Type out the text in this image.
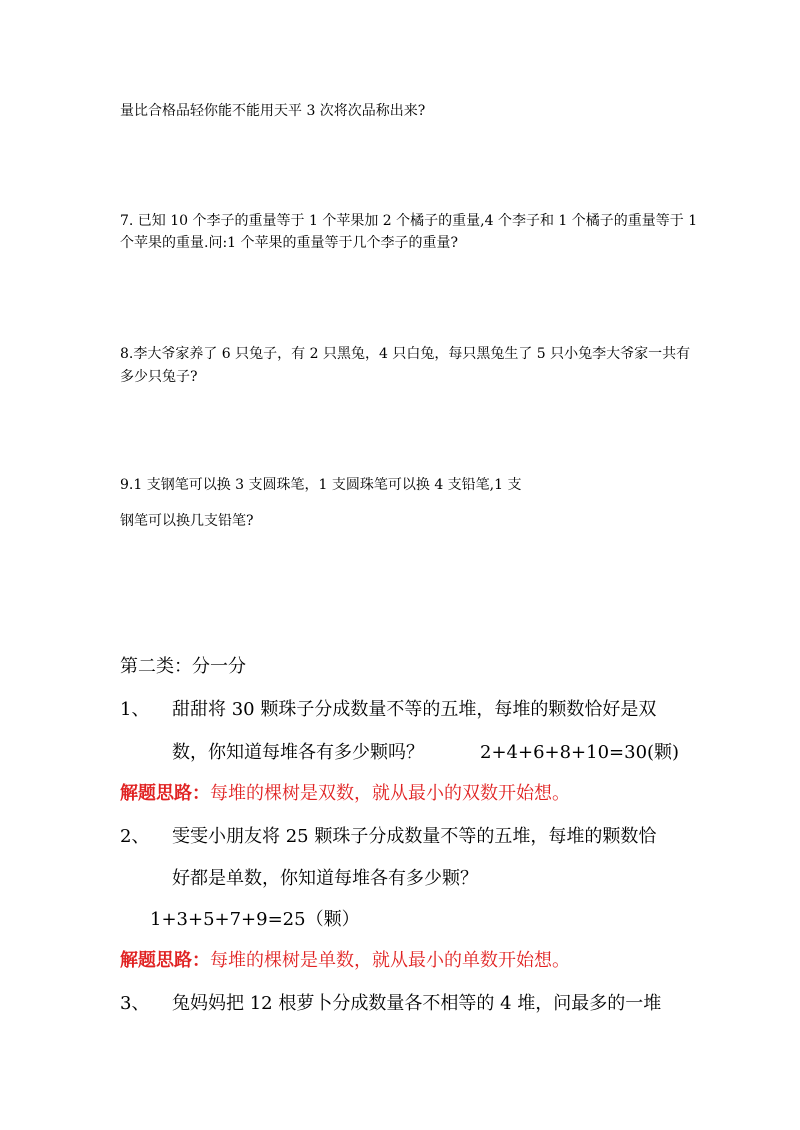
量比合格品轻你能不能用天平 3 次将次品称出来?
7. 已知 10 个李子的重量等于 1 个苹果加 2 个橘子的重量,4 个李子和 1 个橘子的重量等于 1
个苹果的重量.问:1 个苹果的重量等于几个李子的重量?
8.李大爷家养了 6 只兔子，有 2 只黑兔，4 只白兔，每只黑兔生了 5 只小兔李大爷家一共有
多少只兔子?
9.1 支钢笔可以换 3 支圆珠笔，1 支圆珠笔可以换 4 支铅笔,1 支
钢笔可以换几支铅笔?
第二类：分一分
1、 甜甜将 30 颗珠子分成数量不等的五堆，每堆的颗数恰好是双
数，你知道每堆各有多少颗吗？	2+4+6+8+10=30(颗)
解题思路：每堆的棵树是双数，就从最小的双数开始想。
2、 雯雯小朋友将 25 颗珠子分成数量不等的五堆，每堆的颗数恰
好都是单数，你知道每堆各有多少颗？
1+3+5+7+9=25（颗）
解题思路：每堆的棵树是单数，就从最小的单数开始想。
3、 兔妈妈把 12 根萝卜分成数量各不相等的 4 堆，问最多的一堆
